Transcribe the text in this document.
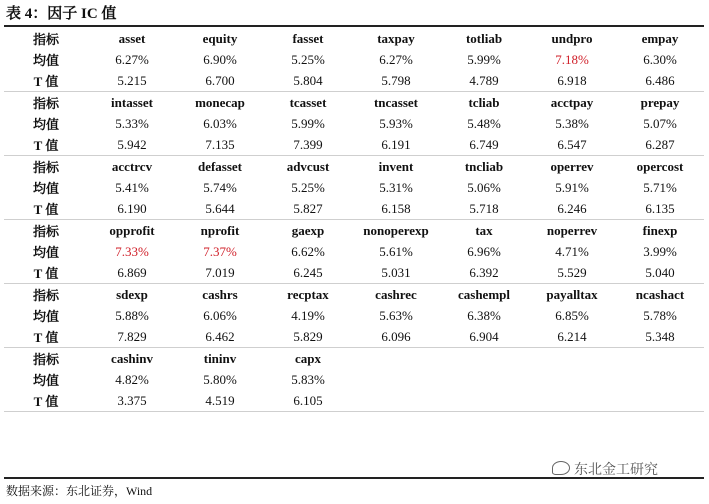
表 4：因子 IC 值
指标	asset	equity	fasset	taxpay	totliab	undpro	empay
均值	6.27%	6.90%	5.25%	6.27%	5.99%	7.18%	6.30%
T 值	5.215	6.700	5.804	5.798	4.789	6.918	6.486
指标	intasset	monecap	tcasset	tncasset	tcliab	acctpay	prepay
均值	5.33%	6.03%	5.99%	5.93%	5.48%	5.38%	5.07%
T 值	5.942	7.135	7.399	6.191	6.749	6.547	6.287
指标	acctrcv	defasset	advcust	invent	tncliab	operrev	opercost
均值	5.41%	5.74%	5.25%	5.31%	5.06%	5.91%	5.71%
T 值	6.190	5.644	5.827	6.158	5.718	6.246	6.135
指标	opprofit	nprofit	gaexp	nonoperexp	tax	noperrev	finexp
均值	7.33%	7.37%	6.62%	5.61%	6.96%	4.71%	3.99%
T 值	6.869	7.019	6.245	5.031	6.392	5.529	5.040
指标	sdexp	cashrs	recptax	cashrec	cashempl	payalltax	ncashact
均值	5.88%	6.06%	4.19%	5.63%	6.38%	6.85%	5.78%
T 值	7.829	6.462	5.829	6.096	6.904	6.214	5.348
指标	cashinv	tininv	capx				
均值	4.82%	5.80%	5.83%				
T 值	3.375	4.519	6.105				
数据来源：东北证券，Wind
东北金工研究
